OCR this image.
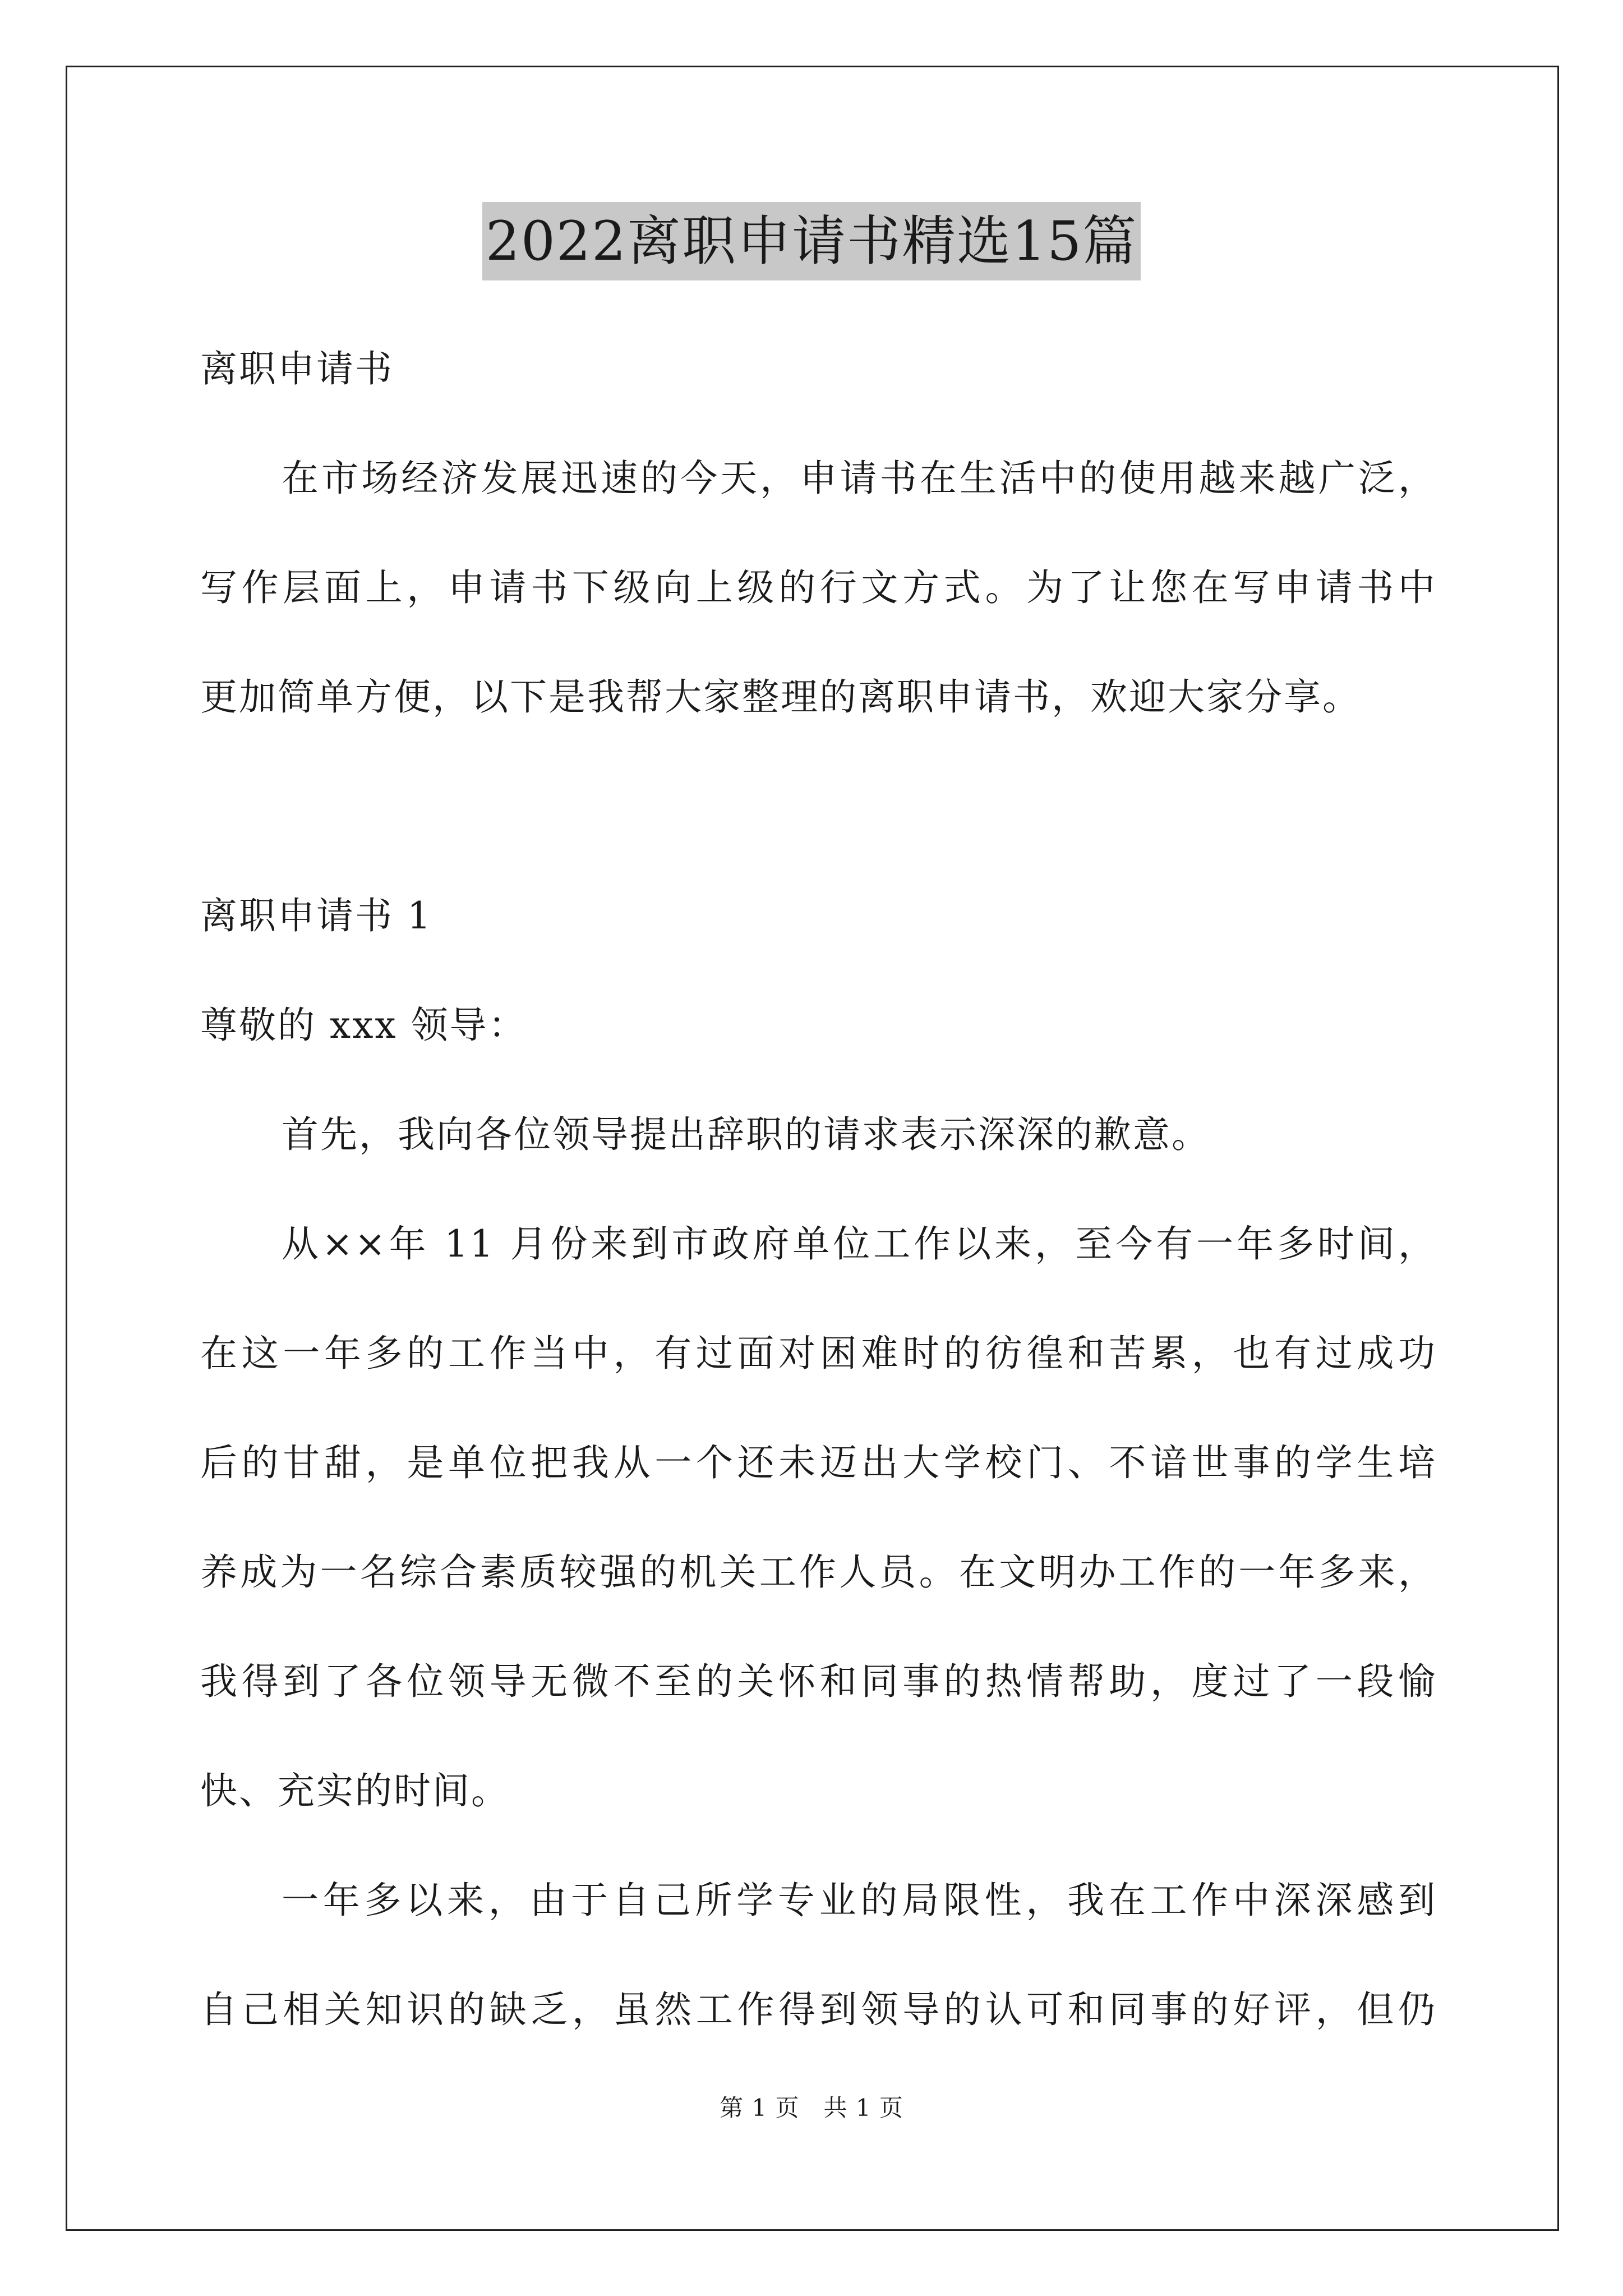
2022离职申请书精选15篇
离职申请书
在市场经济发展迅速的今天，申请书在生活中的使用越来越广泛，
写作层面上，申请书下级向上级的行文方式。为了让您在写申请书中
更加简单方便，以下是我帮大家整理的离职申请书，欢迎大家分享。
离职申请书 1
尊敬的 xxx 领导：
首先，我向各位领导提出辞职的请求表示深深的歉意。
从××年 11 月份来到市政府单位工作以来，至今有一年多时间，
在这一年多的工作当中，有过面对困难时的彷徨和苦累，也有过成功
后的甘甜，是单位把我从一个还未迈出大学校门、不谙世事的学生培
养成为一名综合素质较强的机关工作人员。在文明办工作的一年多来，
我得到了各位领导无微不至的关怀和同事的热情帮助，度过了一段愉
快、充实的时间。
一年多以来，由于自己所学专业的局限性，我在工作中深深感到
自己相关知识的缺乏，虽然工作得到领导的认可和同事的好评，但仍
第 1 页　共 1 页
